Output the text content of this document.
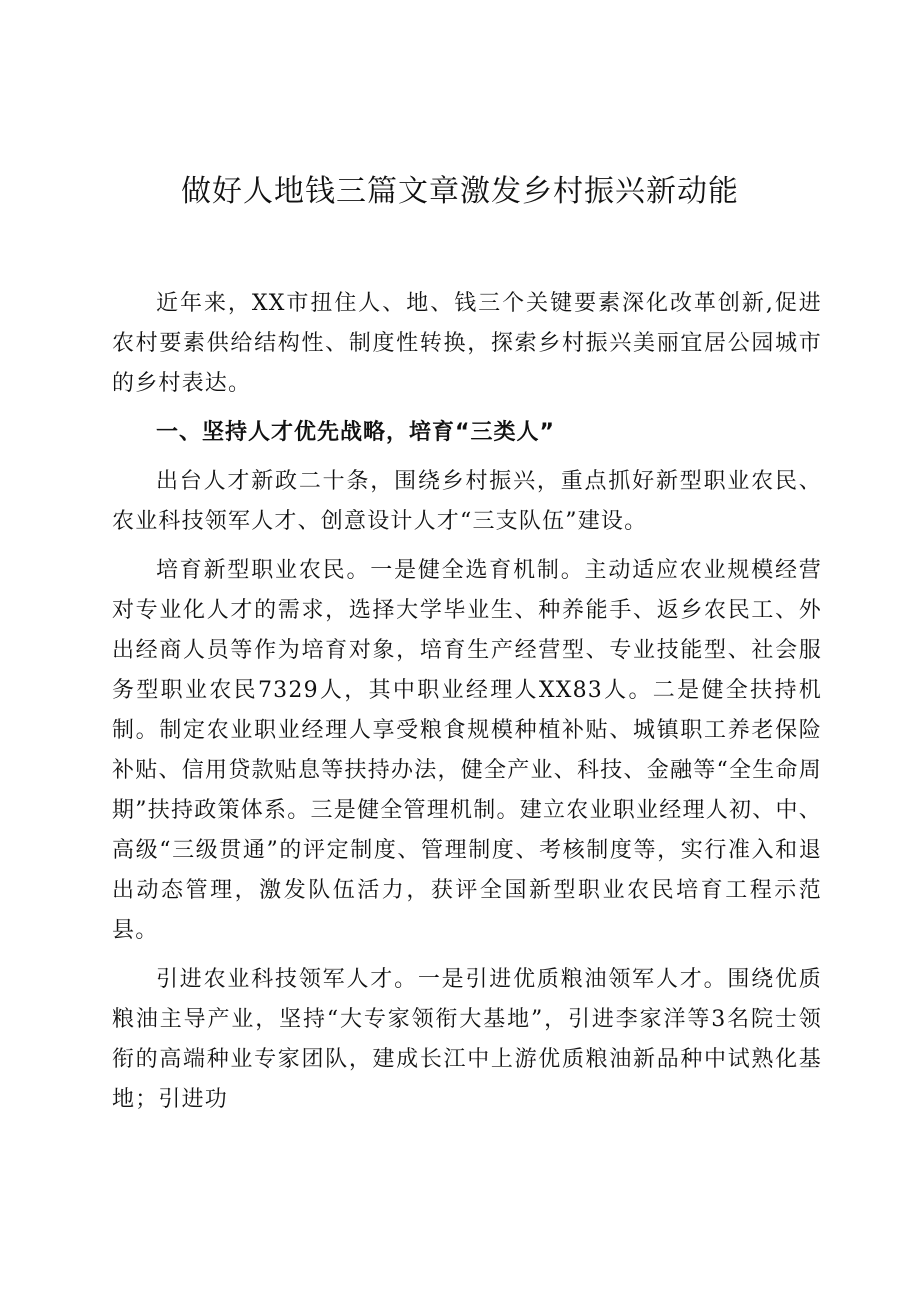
做好人地钱三篇文章激发乡村振兴新动能

近年来，XX市扭住人、地、钱三个关键要素深化改革创新,促进农村要素供给结构性、制度性转换，探索乡村振兴美丽宜居公园城市的乡村表达。

一、坚持人才优先战略，培育“三类人”

出台人才新政二十条，围绕乡村振兴，重点抓好新型职业农民、农业科技领军人才、创意设计人才“三支队伍”建设。

培育新型职业农民。一是健全选育机制。主动适应农业规模经营对专业化人才的需求，选择大学毕业生、种养能手、返乡农民工、外出经商人员等作为培育对象，培育生产经营型、专业技能型、社会服务型职业农民7329人，其中职业经理人XX83人。二是健全扶持机制。制定农业职业经理人享受粮食规模种植补贴、城镇职工养老保险补贴、信用贷款贴息等扶持办法，健全产业、科技、金融等“全生命周期”扶持政策体系。三是健全管理机制。建立农业职业经理人初、中、高级“三级贯通”的评定制度、管理制度、考核制度等，实行准入和退出动态管理，激发队伍活力，获评全国新型职业农民培育工程示范县。

引进农业科技领军人才。一是引进优质粮油领军人才。围绕优质粮油主导产业，坚持“大专家领衔大基地”，引进李家洋等3名院士领衔的高端种业专家团队，建成长江中上游优质粮油新品种中试熟化基地；引进功
